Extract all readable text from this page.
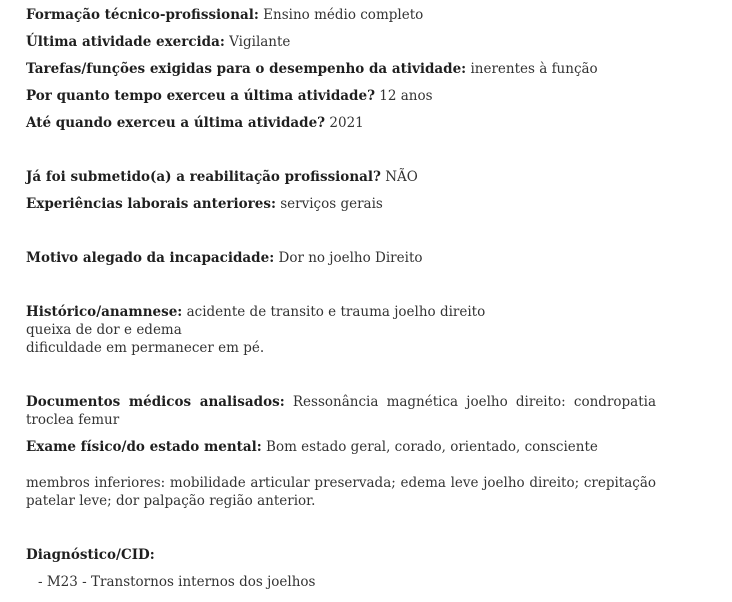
Formação técnico-profissional: Ensino médio completo
Última atividade exercida: Vigilante
Tarefas/funções exigidas para o desempenho da atividade: inerentes à função
Por quanto tempo exerceu a última atividade? 12 anos
Até quando exerceu a última atividade? 2021
Já foi submetido(a) a reabilitação profissional? NÃO
Experiências laborais anteriores: serviços gerais
Motivo alegado da incapacidade: Dor no joelho Direito
Histórico/anamnese: acidente de transito e trauma joelho direito
queixa de dor e edema
dificuldade em permanecer em pé.
Documentos médicos analisados: Ressonância magnética joelho direito: condropatia troclea femur
Exame físico/do estado mental: Bom estado geral, corado, orientado, consciente
membros inferiores: mobilidade articular preservada; edema leve joelho direito; crepitação patelar leve; dor palpação região anterior.
Diagnóstico/CID:
- M23 - Transtornos internos dos joelhos
